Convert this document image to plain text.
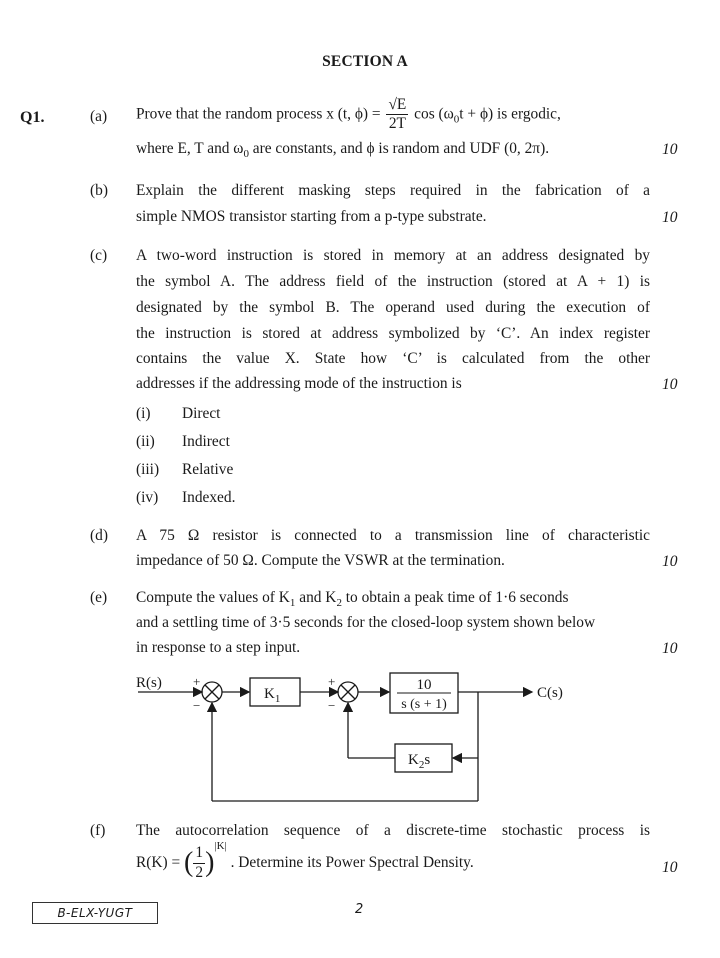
SECTION A
Q1.	(a) Prove that the random process x (t, $\phi) = \frac{√E}{2T}$ $\cos (\omega_0t + \phi)$ is ergodic,
where E, T and $\omega_0$ are constants, and ϕ is random and UDF (0, 2π).	10
(b) Explain the different masking steps required in the fabrication of a
simple NMOS transistor starting from a p-type substrate.	10
(c) A two-word instruction is stored in memory at an address designated by
the symbol A. The address field of the instruction (stored at A + 1) is
designated by the symbol B. The operand used during the execution of
the instruction is stored at address symbolized by ‘C’. An index register
contains the value X. State how ‘C’ is calculated from the other
addresses if the addressing mode of the instruction is	10
(i) Direct
(ii) Indirect
(iii) Relative
(iv) Indexed.
(d) A 75 Ω resistor is connected to a transmission line of characteristic
impedance of 50 Ω. Compute the VSWR at the termination.	10
(e) Compute the values of $K_1$ and $K_2$ to obtain a peak time of 1·6 seconds
and a settling time of 3·5 seconds for the closed-loop system shown below
in response to a step input.	10
R(s) +
−
$K_1$
+
−
10
s (s + 1)
C(s)
$K_2s$
(f) The autocorrelation sequence of a discrete-time stochastic process is
R(K) = ( $\frac{1}{2} )^{|K|}$ . Determine its Power Spectral Density.	10
B-ELX-YUGT	2
